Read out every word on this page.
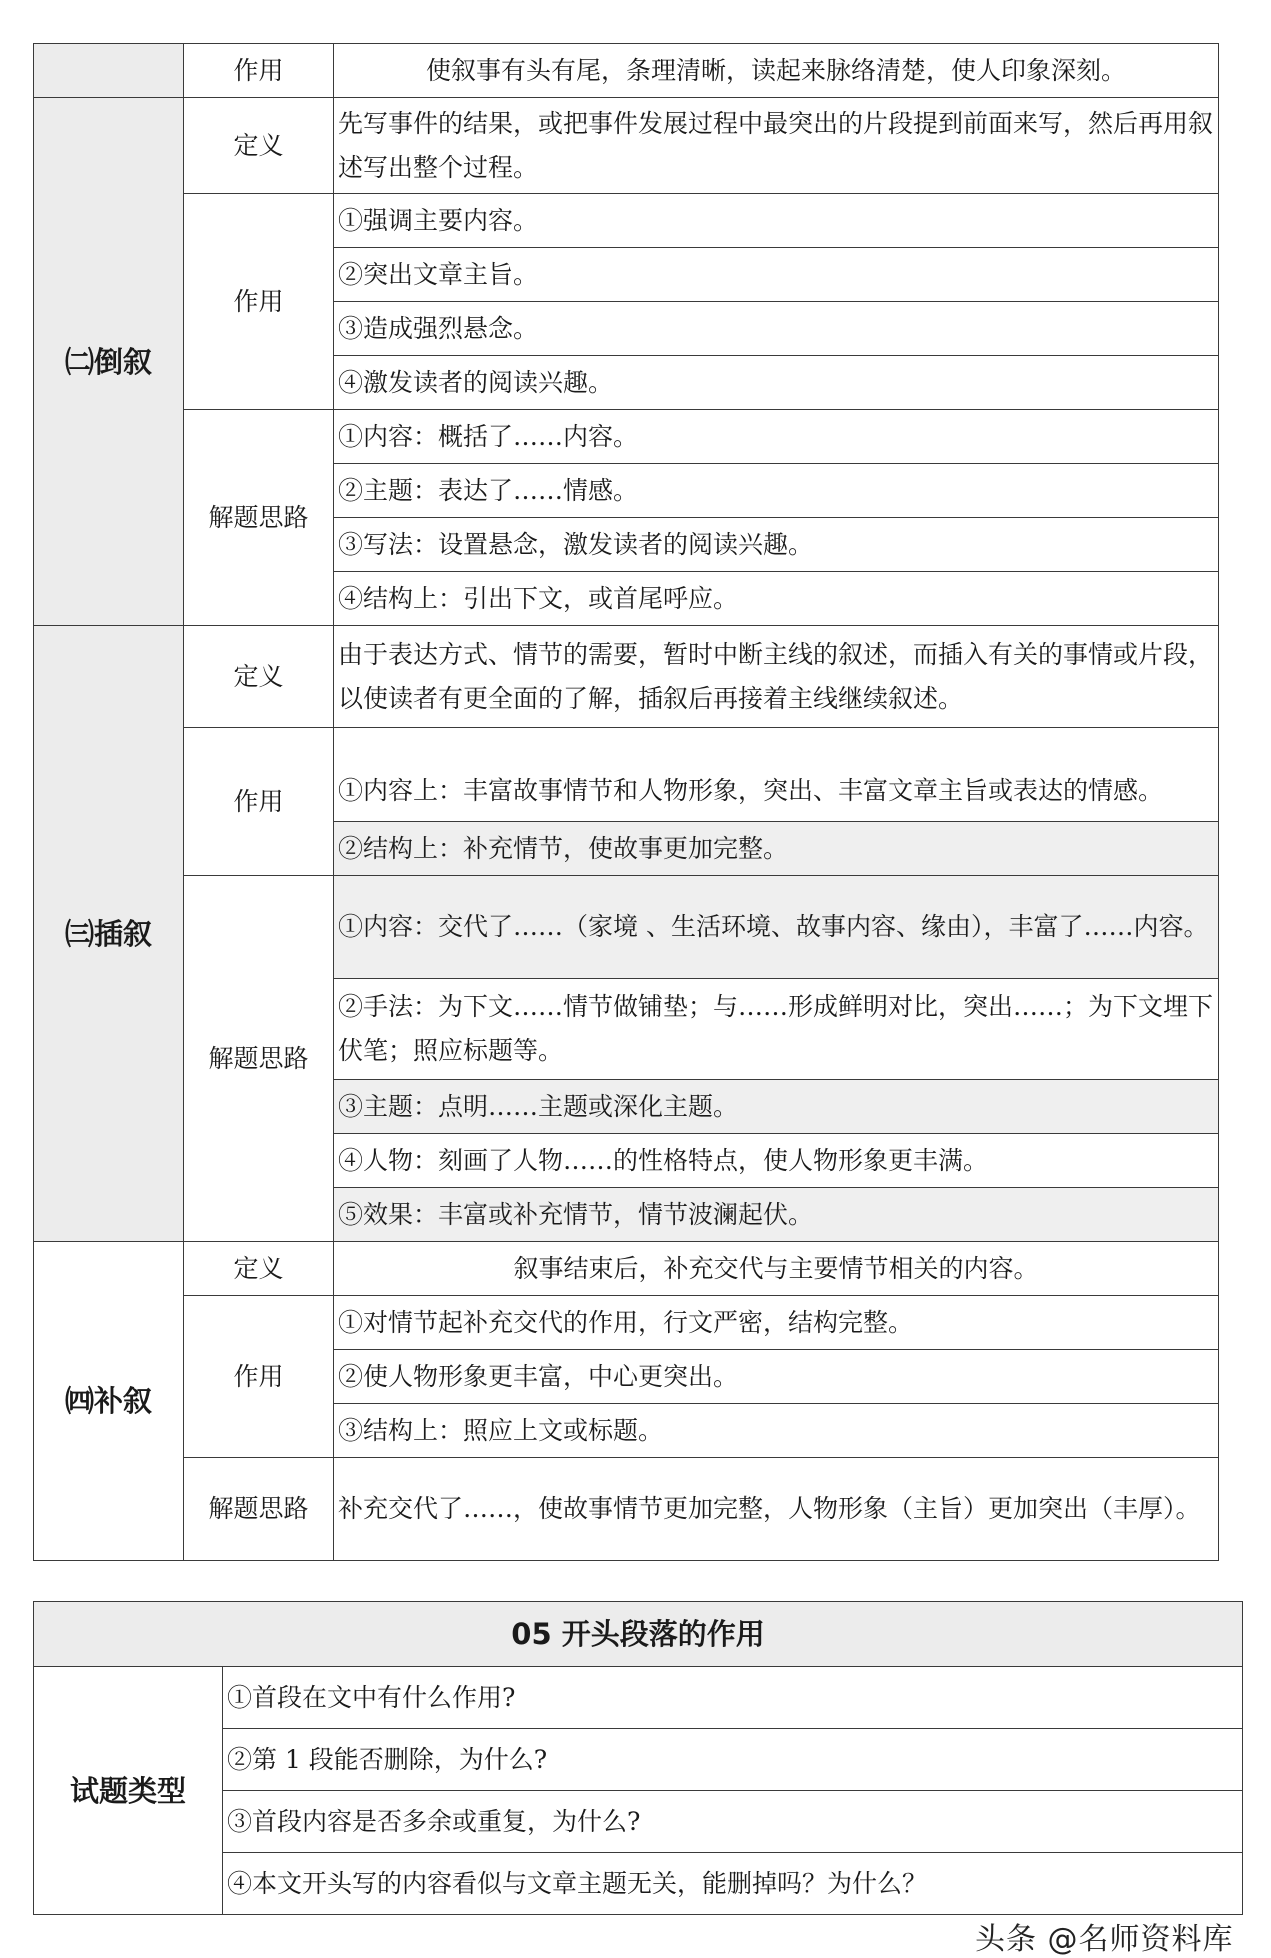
	作用	使叙事有头有尾，条理清晰，读起来脉络清楚，使人印象深刻。
㈡倒叙	定义	先写事件的结果，或把事件发展过程中最突出的片段提到前面来写，然后再用叙述写出整个过程。
	作用	①强调主要内容。
		②突出文章主旨。
		③造成强烈悬念。
		④激发读者的阅读兴趣。
	解题思路	①内容：概括了……内容。
		②主题：表达了……情感。
		③写法：设置悬念，激发读者的阅读兴趣。
		④结构上：引出下文，或首尾呼应。
㈢插叙	定义	由于表达方式、情节的需要，暂时中断主线的叙述，而插入有关的事情或片段，以使读者有更全面的了解，插叙后再接着主线继续叙述。
	作用	①内容上：丰富故事情节和人物形象，突出、丰富文章主旨或表达的情感。
		②结构上：补充情节，使故事更加完整。
	解题思路	①内容：交代了……（家境 、生活环境、故事内容、缘由），丰富了……内容。
		②手法：为下文……情节做铺垫；与……形成鲜明对比，突出……；为下文埋下伏笔；照应标题等。
		③主题：点明……主题或深化主题。
		④人物：刻画了人物……的性格特点，使人物形象更丰满。
		⑤效果：丰富或补充情节，情节波澜起伏。
㈣补叙	定义	叙事结束后，补充交代与主要情节相关的内容。
	作用	①对情节起补充交代的作用，行文严密，结构完整。
		②使人物形象更丰富，中心更突出。
		③结构上：照应上文或标题。
	解题思路	补充交代了……，使故事情节更加完整，人物形象（主旨）更加突出（丰厚）。
05 开头段落的作用
试题类型	①首段在文中有什么作用?
②第 1 段能否删除，为什么?
③首段内容是否多余或重复，为什么?
④本文开头写的内容看似与文章主题无关，能删掉吗？为什么？
头条 @名师资料库
